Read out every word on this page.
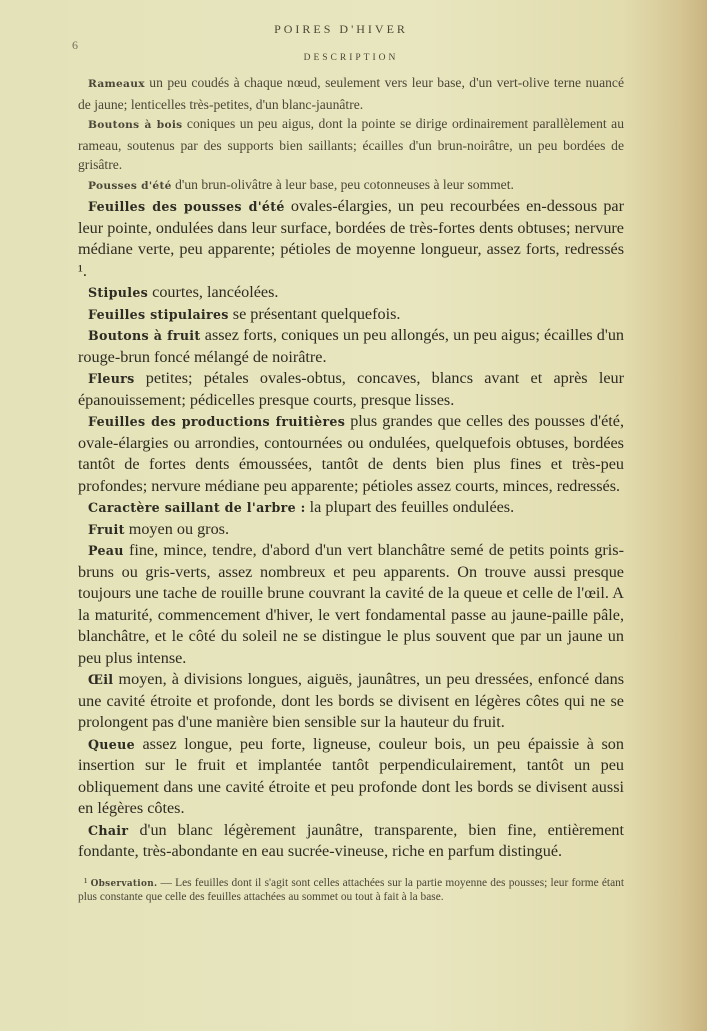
6
POIRES D'HIVER
DESCRIPTION

Rameaux un peu coudés à chaque nœud, seulement vers leur base, d'un vert-olive terne nuancé de jaune; lenticelles très-petites, d'un blanc-jaunâtre.

Boutons à bois coniques un peu aigus, dont la pointe se dirige ordinairement parallèlement au rameau, soutenus par des supports bien saillants; écailles d'un brun-noirâtre, un peu bordées de grisâtre.

Pousses d'été d'un brun-olivâtre à leur base, peu cotonneuses à leur sommet.

Feuilles des pousses d'été ovales-élargies, un peu recourbées en-dessous par leur pointe, ondulées dans leur surface, bordées de très-fortes dents obtuses; nervure médiane verte, peu apparente; pétioles de moyenne longueur, assez forts, redressés ¹.

Stipules courtes, lancéolées.

Feuilles stipulaires se présentant quelquefois.

Boutons à fruit assez forts, coniques un peu allongés, un peu aigus; écailles d'un rouge-brun foncé mélangé de noirâtre.

Fleurs petites; pétales ovales-obtus, concaves, blancs avant et après leur épanouissement; pédicelles presque courts, presque lisses.

Feuilles des productions fruitières plus grandes que celles des pousses d'été, ovale-élargies ou arrondies, contournées ou ondulées, quelquefois obtuses, bordées tantôt de fortes dents émoussées, tantôt de dents bien plus fines et très-peu profondes; nervure médiane peu apparente; pétioles assez courts, minces, redressés.

Caractère saillant de l'arbre : la plupart des feuilles ondulées.

Fruit moyen ou gros.

Peau fine, mince, tendre, d'abord d'un vert blanchâtre semé de petits points gris-bruns ou gris-verts, assez nombreux et peu apparents. On trouve aussi presque toujours une tache de rouille brune couvrant la cavité de la queue et celle de l'œil. A la maturité, commencement d'hiver, le vert fondamental passe au jaune-paille pâle, blanchâtre, et le côté du soleil ne se distingue le plus souvent que par un jaune un peu plus intense.

Œil moyen, à divisions longues, aiguës, jaunâtres, un peu dressées, enfoncé dans une cavité étroite et profonde, dont les bords se divisent en légères côtes qui ne se prolongent pas d'une manière bien sensible sur la hauteur du fruit.

Queue assez longue, peu forte, ligneuse, couleur bois, un peu épaissie à son insertion sur le fruit et implantée tantôt perpendiculairement, tantôt un peu obliquement dans une cavité étroite et peu profonde dont les bords se divisent aussi en légères côtes.

Chair d'un blanc légèrement jaunâtre, transparente, bien fine, entièrement fondante, très-abondante en eau sucrée-vineuse, riche en parfum distingué.

¹ Observation. — Les feuilles dont il s'agit sont celles attachées sur la partie moyenne des pousses; leur forme étant plus constante que celle des feuilles attachées au sommet ou tout à fait à la base.
